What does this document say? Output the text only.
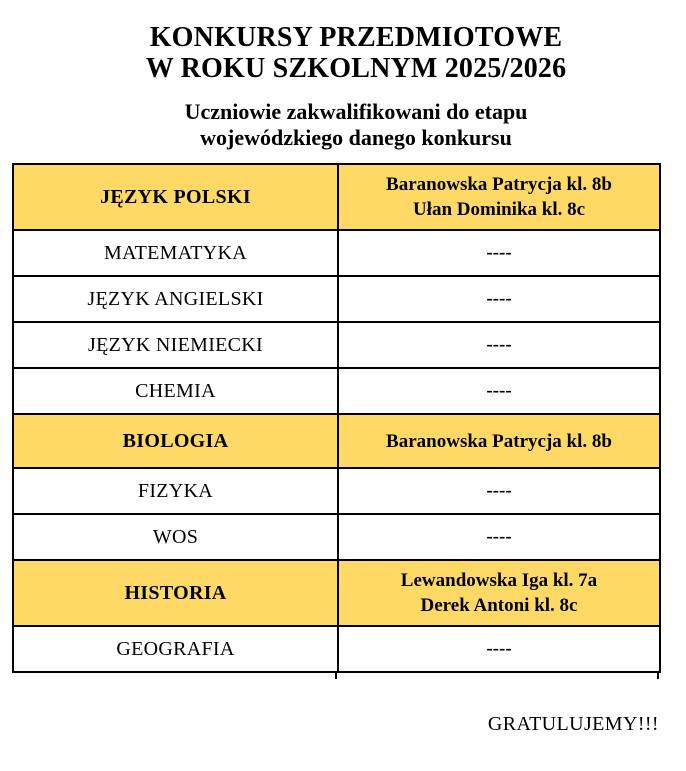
KONKURSY PRZEDMIOTOWE
W ROKU SZKOLNYM 2025/2026
Uczniowie zakwalifikowani do etapu
wojewódzkiego danego konkursu
JĘZYK POLSKI	Baranowska Patrycja kl. 8b
Ułan Dominika kl. 8c

MATEMATYKA	----

JĘZYK ANGIELSKI	----

JĘZYK NIEMIECKI	----

CHEMIA	----

BIOLOGIA	Baranowska Patrycja kl. 8b

FIZYKA	----

WOS	----

HISTORIA	Lewandowska Iga kl. 7a
Derek Antoni kl. 8c

GEOGRAFIA	----
GRATULUJEMY!!!
